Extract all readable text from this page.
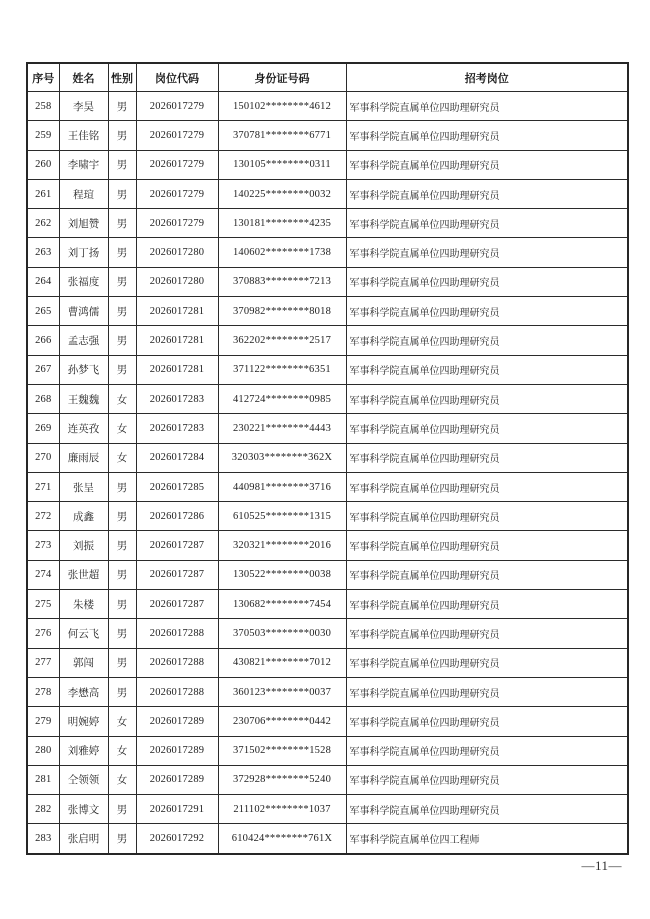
序号	姓名	性别	岗位代码	身份证号码	招考岗位
258	李昊	男	2026017279	150102********4612	军事科学院直属单位四助理研究员
259	王佳铭	男	2026017279	370781********6771	军事科学院直属单位四助理研究员
260	李啸宇	男	2026017279	130105********0311	军事科学院直属单位四助理研究员
261	程瑄	男	2026017279	140225********0032	军事科学院直属单位四助理研究员
262	刘旭赞	男	2026017279	130181********4235	军事科学院直属单位四助理研究员
263	刘丁扬	男	2026017280	140602********1738	军事科学院直属单位四助理研究员
264	张福度	男	2026017280	370883********7213	军事科学院直属单位四助理研究员
265	曹鸿儒	男	2026017281	370982********8018	军事科学院直属单位四助理研究员
266	孟志强	男	2026017281	362202********2517	军事科学院直属单位四助理研究员
267	孙梦飞	男	2026017281	371122********6351	军事科学院直属单位四助理研究员
268	王魏魏	女	2026017283	412724********0985	军事科学院直属单位四助理研究员
269	连英孜	女	2026017283	230221********4443	军事科学院直属单位四助理研究员
270	廉雨辰	女	2026017284	320303********362X	军事科学院直属单位四助理研究员
271	张呈	男	2026017285	440981********3716	军事科学院直属单位四助理研究员
272	成鑫	男	2026017286	610525********1315	军事科学院直属单位四助理研究员
273	刘振	男	2026017287	320321********2016	军事科学院直属单位四助理研究员
274	张世超	男	2026017287	130522********0038	军事科学院直属单位四助理研究员
275	朱楼	男	2026017287	130682********7454	军事科学院直属单位四助理研究员
276	何云飞	男	2026017288	370503********0030	军事科学院直属单位四助理研究员
277	郭闯	男	2026017288	430821********7012	军事科学院直属单位四助理研究员
278	李懋高	男	2026017288	360123********0037	军事科学院直属单位四助理研究员
279	明婉婷	女	2026017289	230706********0442	军事科学院直属单位四助理研究员
280	刘雅婷	女	2026017289	371502********1528	军事科学院直属单位四助理研究员
281	仝领领	女	2026017289	372928********5240	军事科学院直属单位四助理研究员
282	张博文	男	2026017291	211102********1037	军事科学院直属单位四助理研究员
283	张启明	男	2026017292	610424********761X	军事科学院直属单位四工程师
—11—
